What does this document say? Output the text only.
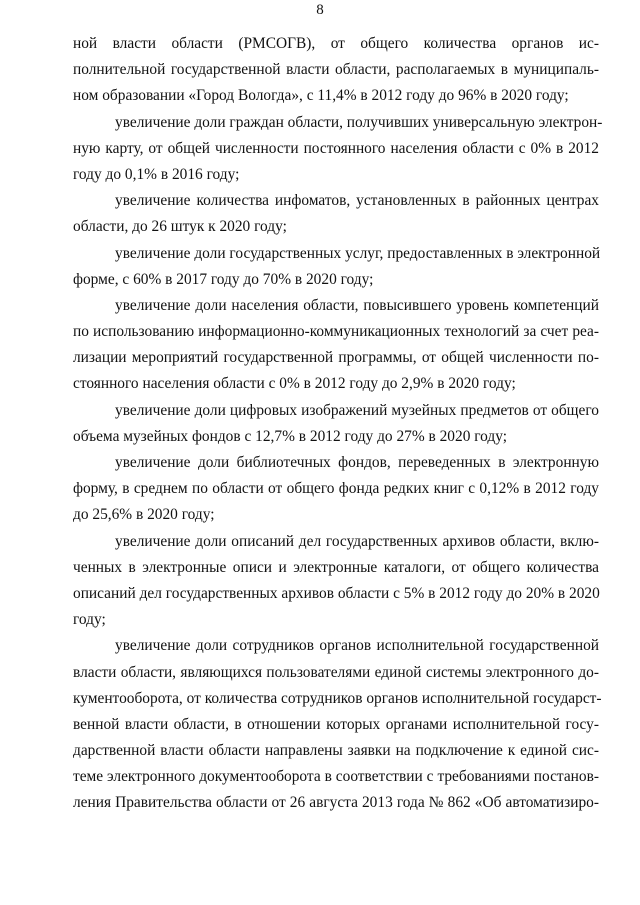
8
ной власти области (РМСОГВ), от общего количества органов ис-
полнительной государственной власти области, располагаемых в муниципаль-
ном образовании «Город Вологда», с 11,4% в 2012 году до 96% в 2020 году;
увеличение доли граждан области, получивших универсальную электрон-
ную карту, от общей численности постоянного населения области с 0% в 2012
году до 0,1% в 2016 году;
увеличение количества инфоматов, установленных в районных центрах
области, до 26 штук к 2020 году;
увеличение доли государственных услуг, предоставленных в электронной
форме, с 60% в 2017 году до 70% в 2020 году;
увеличение доли населения области, повысившего уровень компетенций
по использованию информационно-коммуникационных технологий за счет реа-
лизации мероприятий государственной программы, от общей численности по-
стоянного населения области с 0% в 2012 году до 2,9% в 2020 году;
увеличение доли цифровых изображений музейных предметов от общего
объема музейных фондов с 12,7% в 2012 году до 27% в 2020 году;
увеличение доли библиотечных фондов, переведенных в электронную
форму, в среднем по области от общего фонда редких книг с 0,12% в 2012 году
до 25,6% в 2020 году;
увеличение доли описаний дел государственных архивов области, вклю-
ченных в электронные описи и электронные каталоги, от общего количества
описаний дел государственных архивов области с 5% в 2012 году до 20% в 2020
году;
увеличение доли сотрудников органов исполнительной государственной
власти области, являющихся пользователями единой системы электронного до-
кументооборота, от количества сотрудников органов исполнительной государст-
венной власти области, в отношении которых органами исполнительной госу-
дарственной власти области направлены заявки на подключение к единой сис-
теме электронного документооборота в соответствии с требованиями постанов-
ления Правительства области от 26 августа 2013 года № 862 «Об автоматизиро-
